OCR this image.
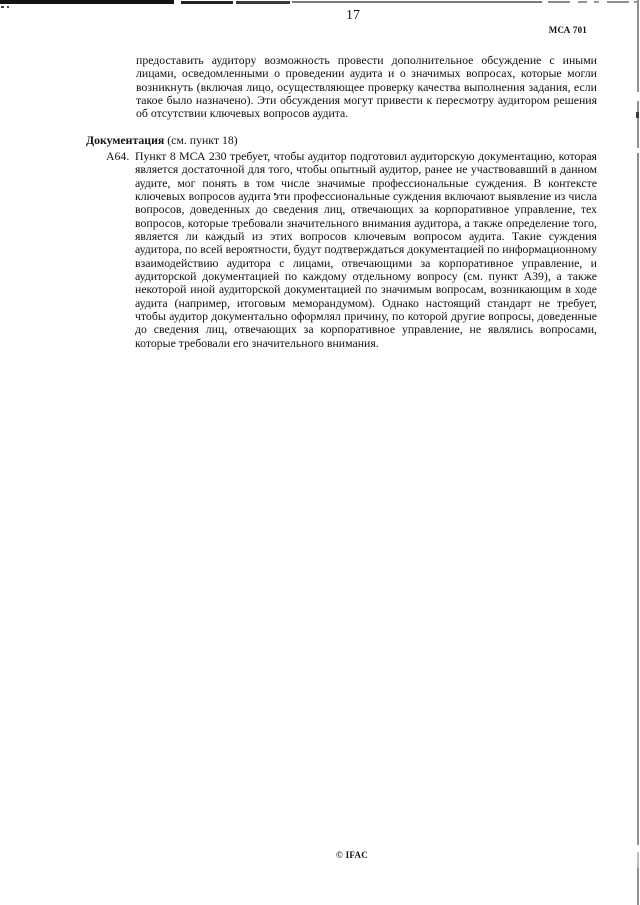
17
МСА 701
предоставить аудитору возможность провести дополнительное обсуждение с иными лицами, осведомленными о проведении аудита и о значимых вопросах, которые могли возникнуть (включая лицо, осуществляющее проверку качества выполнения задания, если такое было назначено). Эти обсуждения могут привести к пересмотру аудитором решения об отсутствии ключевых вопросов аудита.
Документация (см. пункт 18)
А64. Пункт 8 МСА 230 требует, чтобы аудитор подготовил аудиторскую документацию, которая является достаточной для того, чтобы опытный аудитор, ранее не участвовавший в данном аудите, мог понять в том числе значимые профессиональные суждения. В контексте ключевых вопросов аудита эти профессиональные суждения включают выявление из числа вопросов, доведенных до сведения лиц, отвечающих за корпоративное управление, тех вопросов, которые требовали значительного внимания аудитора, а также определение того, является ли каждый из этих вопросов ключевым вопросом аудита. Такие суждения аудитора, по всей вероятности, будут подтверждаться документацией по информационному взаимодействию аудитора с лицами, отвечающими за корпоративное управление, и аудиторской документацией по каждому отдельному вопросу (см. пункт А39), а также некоторой иной аудиторской документацией по значимым вопросам, возникающим в ходе аудита (например, итоговым меморандумом). Однако настоящий стандарт не требует, чтобы аудитор документально оформлял причину, по которой другие вопросы, доведенные до сведения лиц, отвечающих за корпоративное управление, не являлись вопросами, которые требовали его значительного внимания.
© IFAC
